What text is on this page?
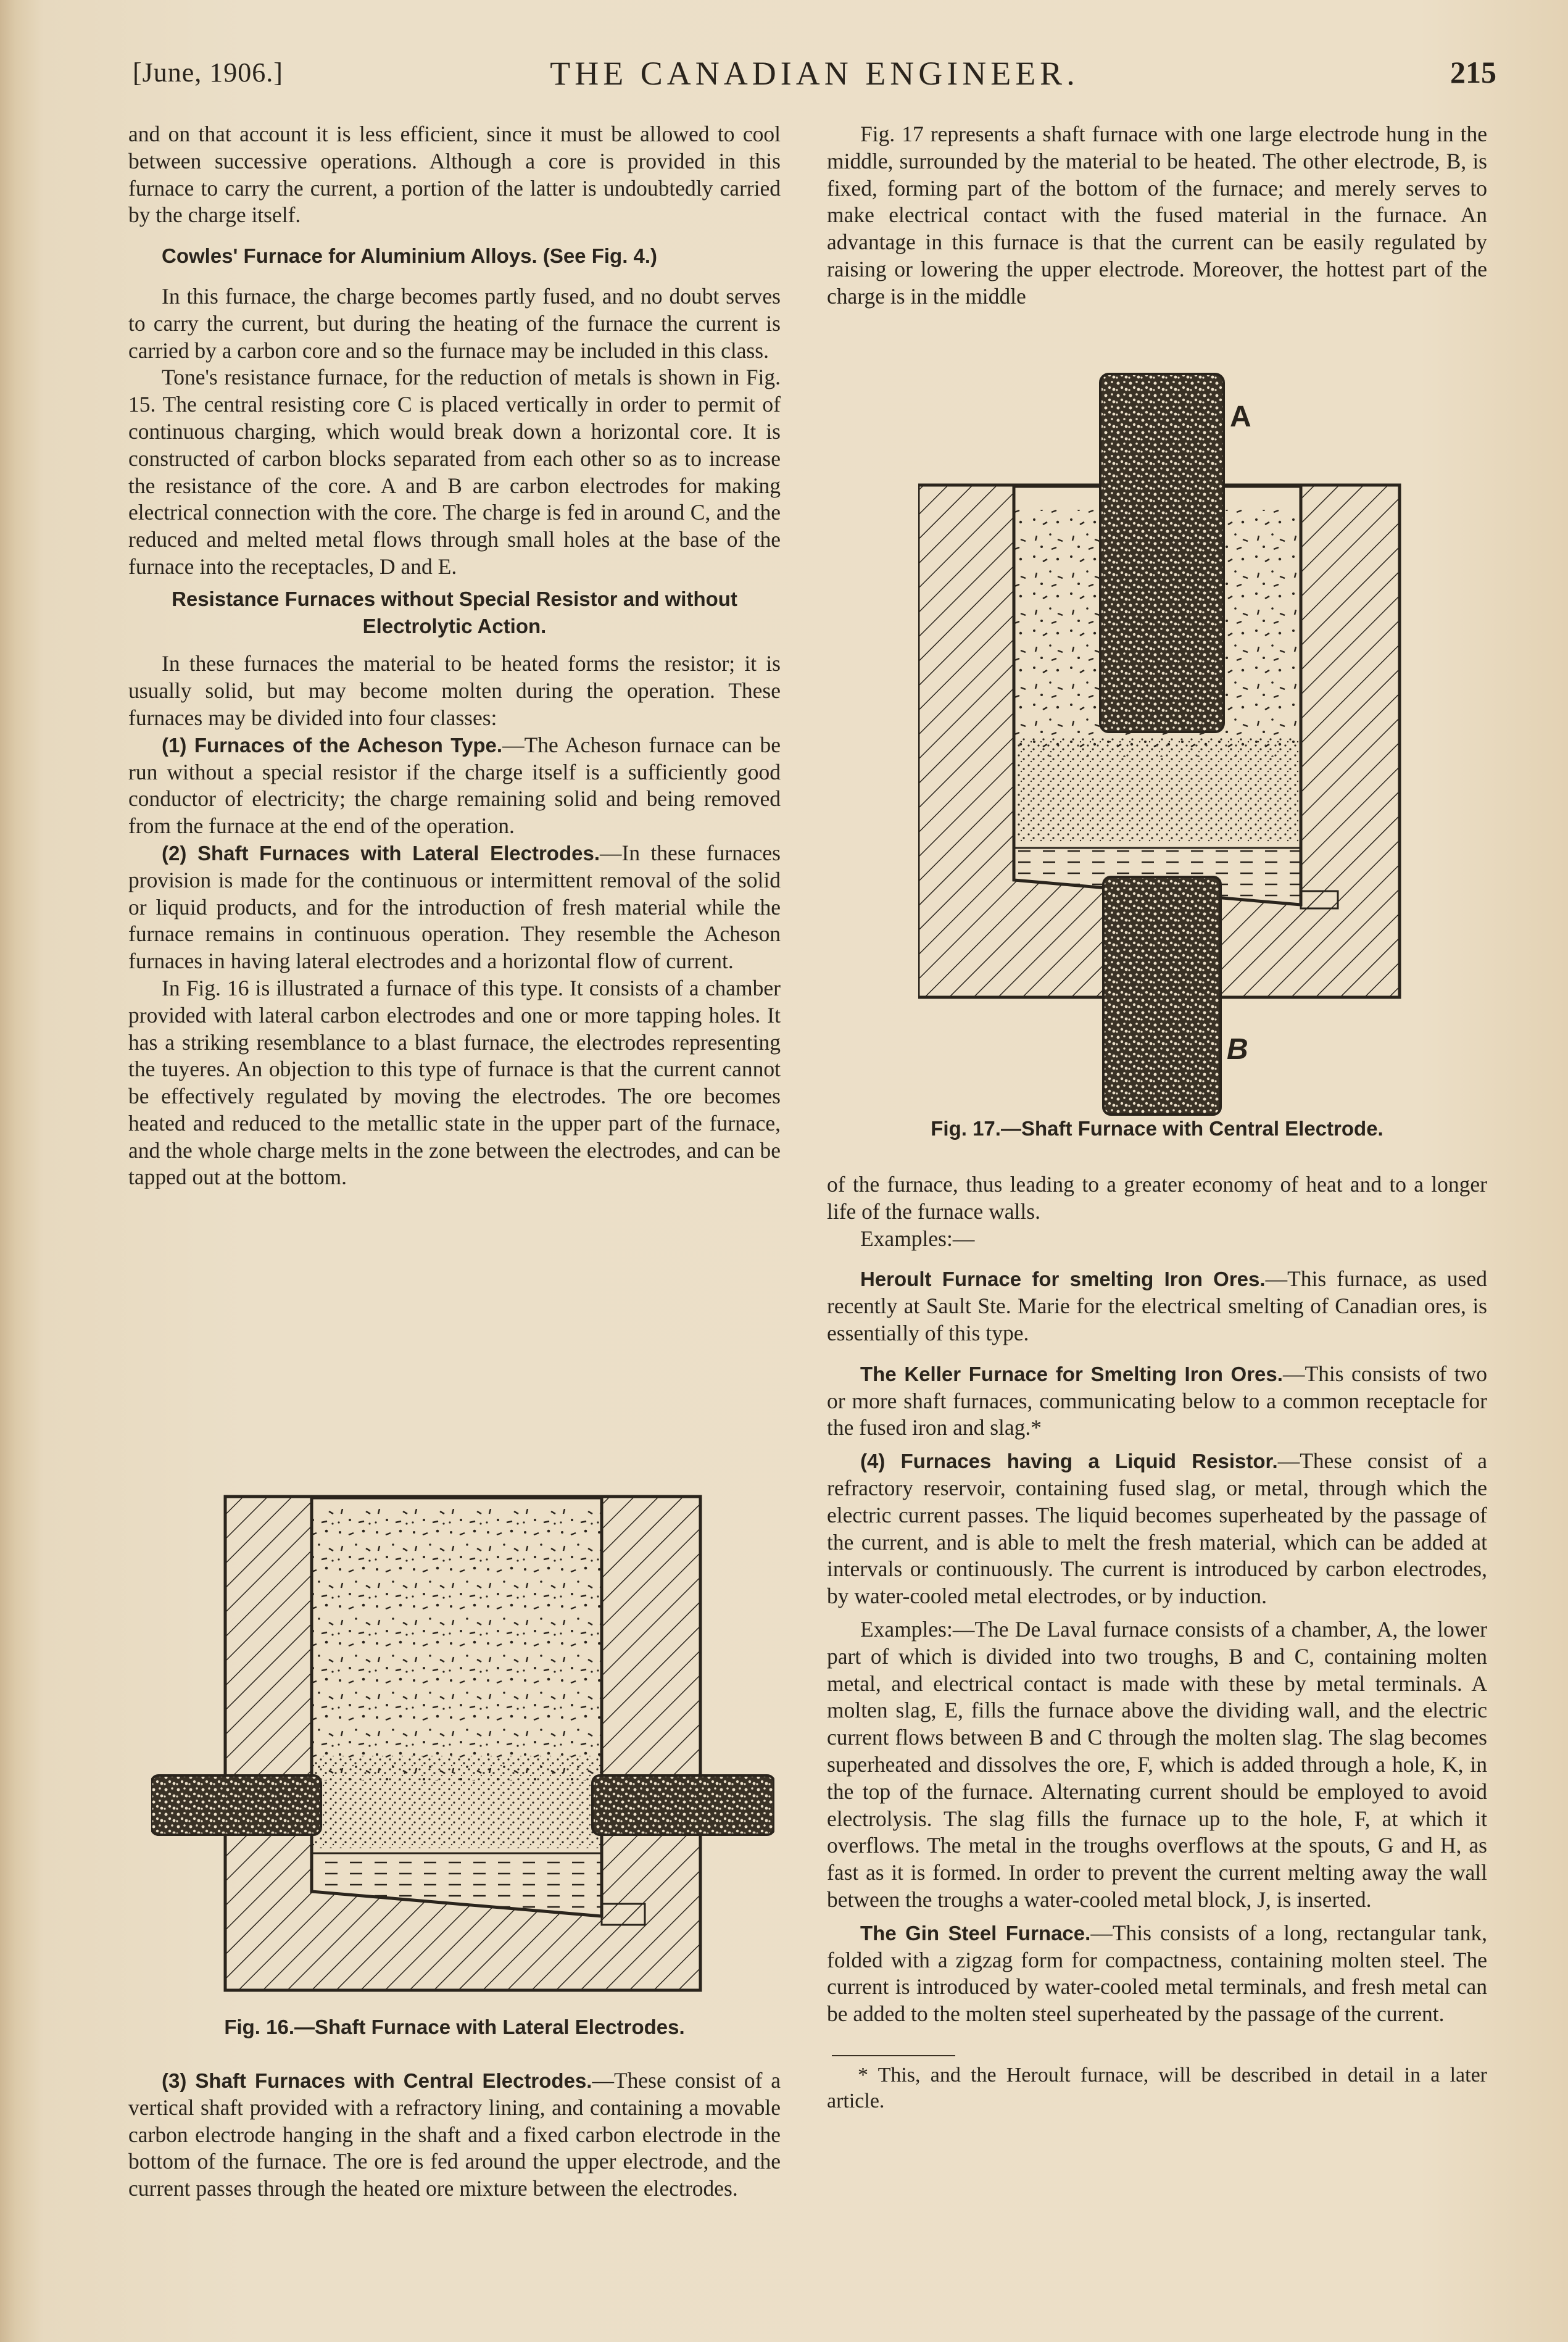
[June, 1906.]	THE CANADIAN ENGINEER.	215

and on that account it is less efficient, since it must be allowed to cool between successive operations. Although a core is provided in this furnace to carry the current, a portion of the latter is undoubtedly carried by the charge itself.

Cowles' Furnace for Aluminium Alloys. (See Fig. 4.)

In this furnace, the charge becomes partly fused, and no doubt serves to carry the current, but during the heating of the furnace the current is carried by a carbon core and so the furnace may be included in this class.

Tone's resistance furnace, for the reduction of metals is shown in Fig. 15. The central resisting core C is placed vertically in order to permit of continuous charging, which would break down a horizontal core. It is constructed of carbon blocks separated from each other so as to increase the resistance of the core. A and B are carbon electrodes for making electrical connection with the core. The charge is fed in around C, and the reduced and melted metal flows through small holes at the base of the furnace into the receptacles, D and E.

Resistance Furnaces without Special Resistor and without Electrolytic Action.

In these furnaces the material to be heated forms the resistor; it is usually solid, but may become molten during the operation. These furnaces may be divided into four classes:

(1) Furnaces of the Acheson Type.—The Acheson furnace can be run without a special resistor if the charge itself is a sufficiently good conductor of electricity; the charge remaining solid and being removed from the furnace at the end of the operation.

(2) Shaft Furnaces with Lateral Electrodes.—In these furnaces provision is made for the continuous or intermittent removal of the solid or liquid products, and for the introduction of fresh material while the furnace remains in continuous operation. They resemble the Acheson furnaces in having lateral electrodes and a horizontal flow of current.

In Fig. 16 is illustrated a furnace of this type. It consists of a chamber provided with lateral carbon electrodes and one or more tapping holes. It has a striking resemblance to a blast furnace, the electrodes representing the tuyeres. An objection to this type of furnace is that the current cannot be effectively regulated by moving the electrodes. The ore becomes heated and reduced to the metallic state in the upper part of the furnace, and the whole charge melts in the zone between the electrodes, and can be tapped out at the bottom.

Fig. 16.—Shaft Furnace with Lateral Electrodes.

(3) Shaft Furnaces with Central Electrodes.—These consist of a vertical shaft provided with a refractory lining, and containing a movable carbon electrode hanging in the shaft and a fixed carbon electrode in the bottom of the furnace. The ore is fed around the upper electrode, and the current passes through the heated ore mixture between the electrodes.

Fig. 17 represents a shaft furnace with one large electrode hung in the middle, surrounded by the material to be heated. The other electrode, B, is fixed, forming part of the bottom of the furnace; and merely serves to make electrical contact with the fused material in the furnace. An advantage in this furnace is that the current can be easily regulated by raising or lowering the upper electrode. Moreover, the hottest part of the charge is in the middle

A
B
Fig. 17.—Shaft Furnace with Central Electrode.

of the furnace, thus leading to a greater economy of heat and to a longer life of the furnace walls.

Examples:—

Heroult Furnace for smelting Iron Ores.—This furnace, as used recently at Sault Ste. Marie for the electrical smelting of Canadian ores, is essentially of this type.

The Keller Furnace for Smelting Iron Ores.—This consists of two or more shaft furnaces, communicating below to a common receptacle for the fused iron and slag.*

(4) Furnaces having a Liquid Resistor.—These consist of a refractory reservoir, containing fused slag, or metal, through which the electric current passes. The liquid becomes superheated by the passage of the current, and is able to melt the fresh material, which can be added at intervals or continuously. The current is introduced by carbon electrodes, by water-cooled metal electrodes, or by induction.

Examples:—The De Laval furnace consists of a chamber, A, the lower part of which is divided into two troughs, B and C, containing molten metal, and electrical contact is made with these by metal terminals. A molten slag, E, fills the furnace above the dividing wall, and the electric current flows between B and C through the molten slag. The slag becomes superheated and dissolves the ore, F, which is added through a hole, K, in the top of the furnace. Alternating current should be employed to avoid electrolysis. The slag fills the furnace up to the hole, F, at which it overflows. The metal in the troughs overflows at the spouts, G and H, as fast as it is formed. In order to prevent the current melting away the wall between the troughs a water-cooled metal block, J, is inserted.

The Gin Steel Furnace.—This consists of a long, rectangular tank, folded with a zigzag form for compactness, containing molten steel. The current is introduced by water-cooled metal terminals, and fresh metal can be added to the molten steel superheated by the passage of the current.

* This, and the Heroult furnace, will be described in detail in a later article.
